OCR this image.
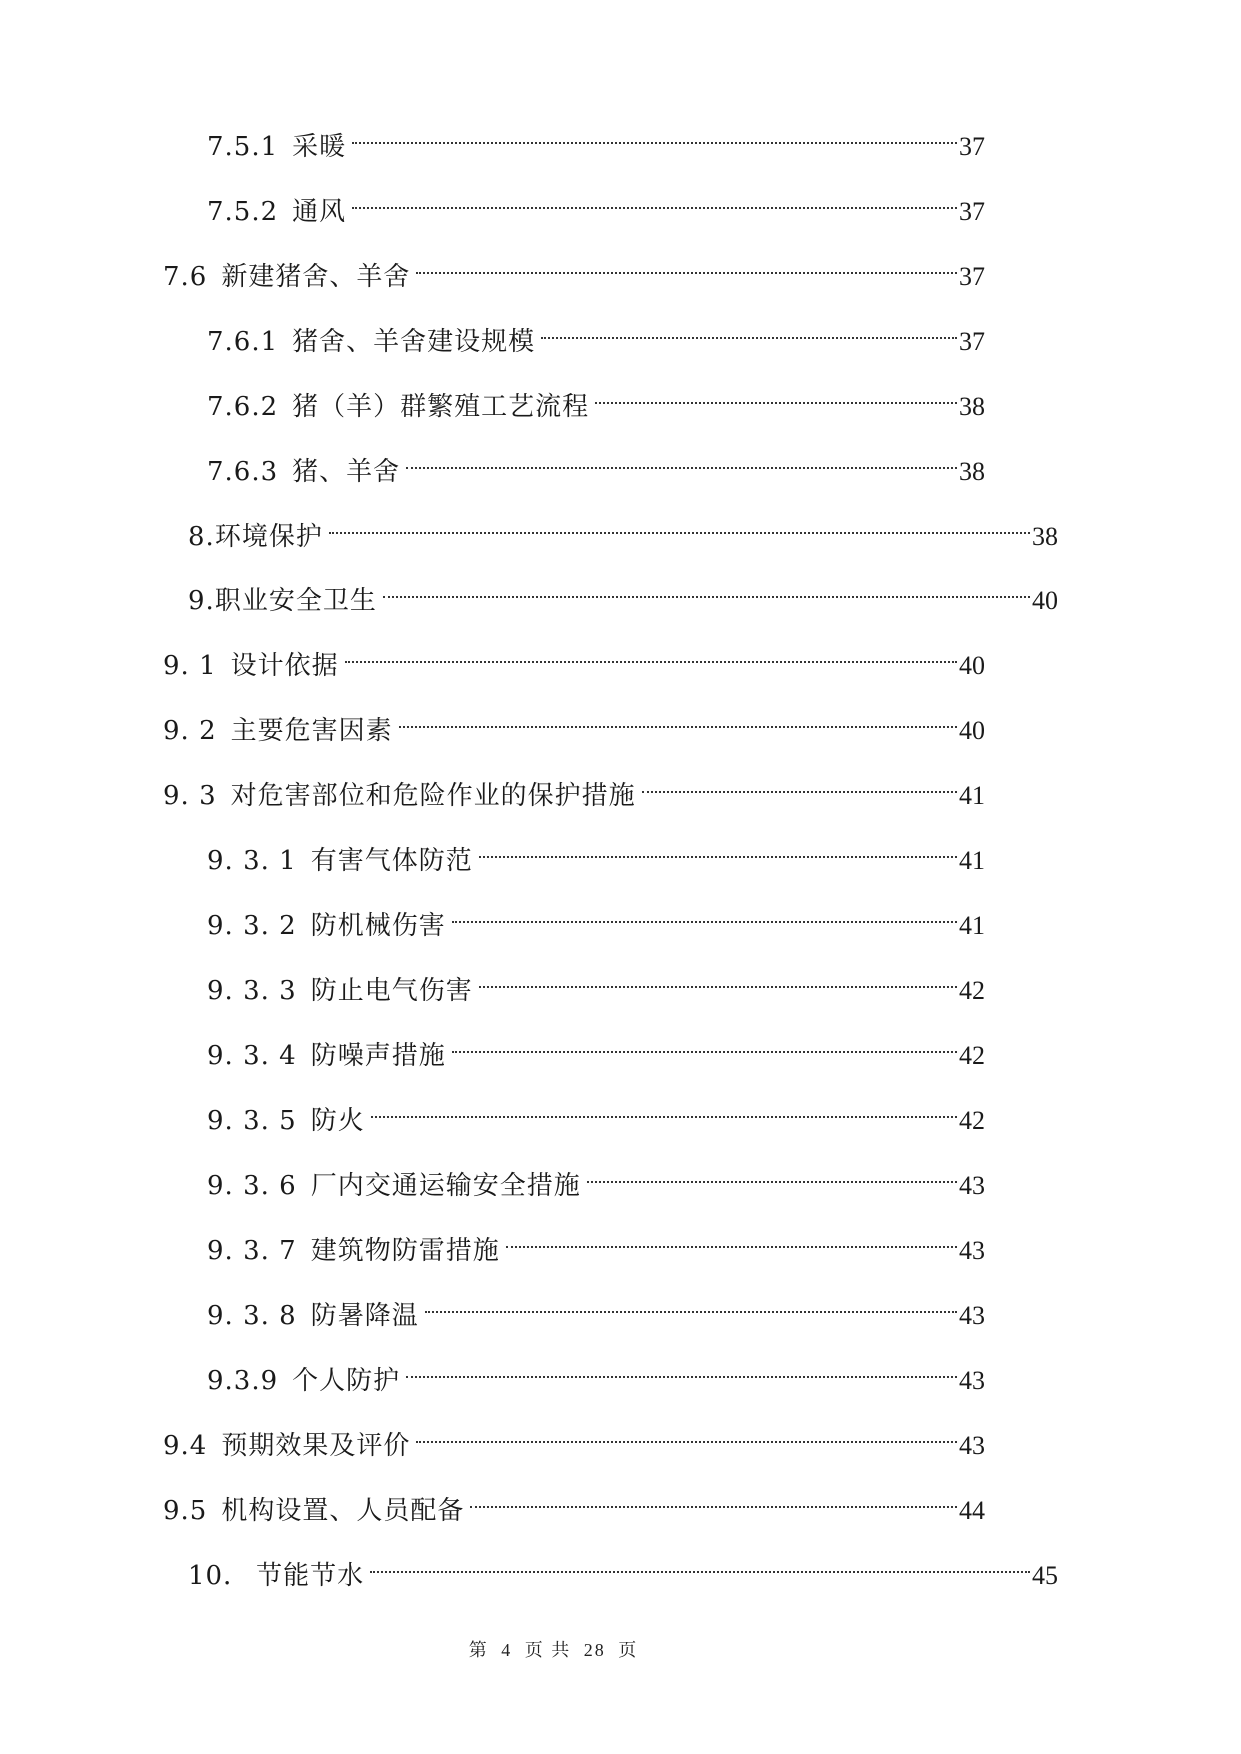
7.5.1 采暖	37
7.5.2 通风	37
7.6 新建猪舍、羊舍	37
7.6.1 猪舍、羊舍建设规模	37
7.6.2 猪（羊）群繁殖工艺流程	38
7.6.3 猪、羊舍	38
8.环境保护	38
9.职业安全卫生	40
9. 1 设计依据	40
9. 2 主要危害因素	40
9. 3 对危害部位和危险作业的保护措施	41
9. 3. 1 有害气体防范	41
9. 3. 2 防机械伤害	41
9. 3. 3 防止电气伤害	42
9. 3. 4 防噪声措施	42
9. 3. 5 防火	42
9. 3. 6 厂内交通运输安全措施	43
9. 3. 7 建筑物防雷措施	43
9. 3. 8 防暑降温	43
9.3.9 个人防护	43
9.4 预期效果及评价	43
9.5 机构设置、人员配备	44
10． 节能节水	45
第 4 页 共 28 页
